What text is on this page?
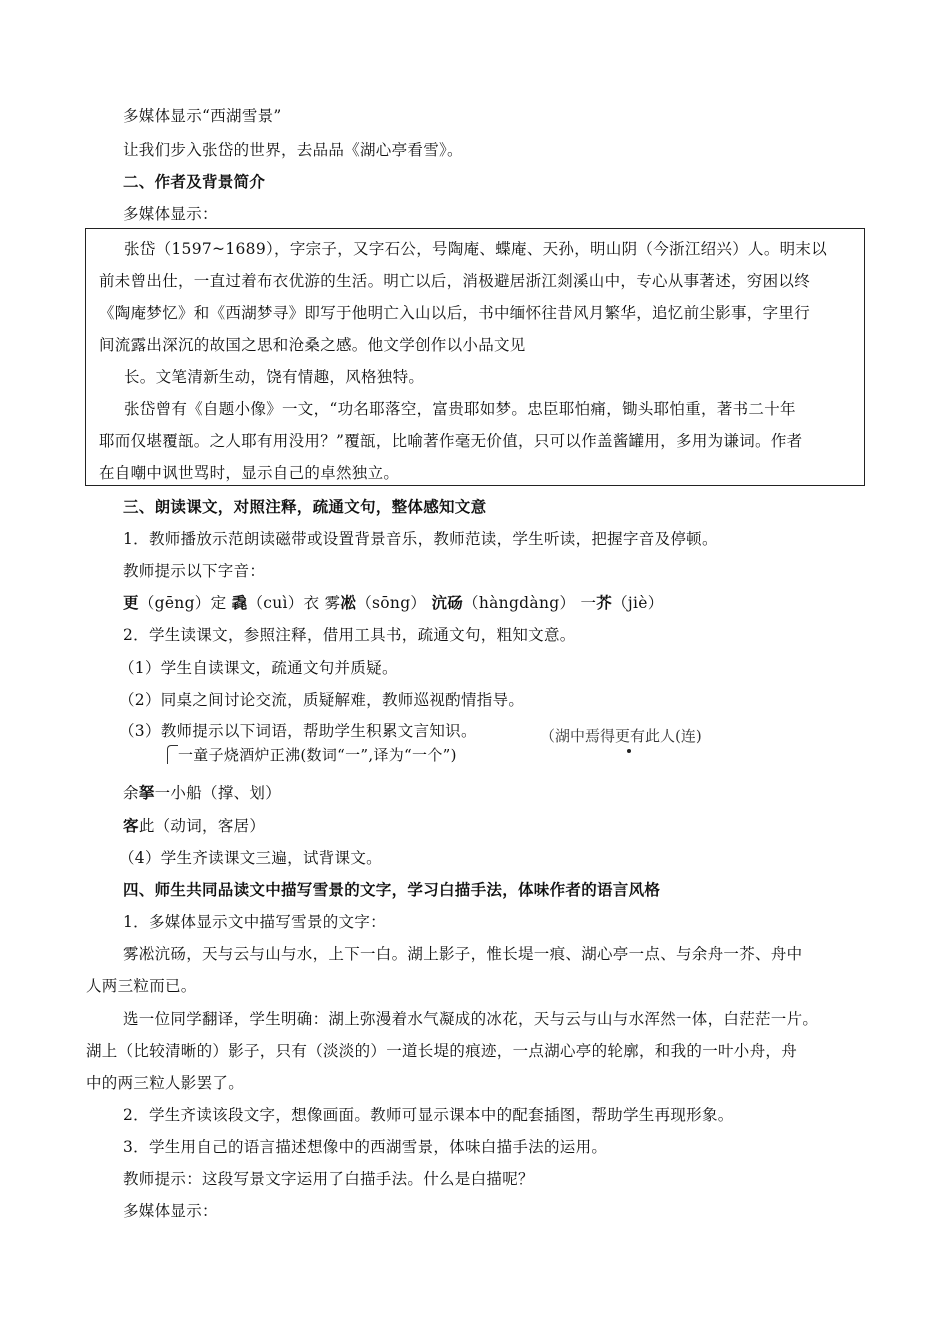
多媒体显示“西湖雪景”
让我们步入张岱的世界，去品品《湖心亭看雪》。
二、作者及背景简介
多媒体显示：
张岱（1597~1689），字宗子，又字石公，号陶庵、蝶庵、天孙，明山阴（今浙江绍兴）人。明末以
前未曾出仕，一直过着布衣优游的生活。明亡以后，消极避居浙江剡溪山中，专心从事著述，穷困以终
《陶庵梦忆》和《西湖梦寻》即写于他明亡入山以后，书中缅怀往昔风月繁华，追忆前尘影事，字里行
间流露出深沉的故国之思和沧桑之感。他文学创作以小品文见
长。文笔清新生动，饶有情趣，风格独特。
张岱曾有《自题小像》一文，“功名耶落空，富贵耶如梦。忠臣耶怕痛，锄头耶怕重，著书二十年
耶而仅堪覆瓿。之人耶有用没用？”覆瓿，比喻著作毫无价值，只可以作盖酱罐用，多用为谦词。作者
在自嘲中讽世骂时，显示自己的卓然独立。
三、朗读课文，对照注释，疏通文句，整体感知文意
1．教师播放示范朗读磁带或设置背景音乐，教师范读，学生听读，把握字音及停顿。
教师提示以下字音：
更（gēng）定 毳（cuì）衣 雾凇（sōng） 沆砀（hàngdàng） 一芥（jiè）
2．学生读课文，参照注释，借用工具书，疏通文句，粗知文意。
（1）学生自读课文，疏通文句并质疑。
（2）同桌之间讨论交流，质疑解难，教师巡视酌情指导。
（3）教师提示以下词语，帮助学生积累文言知识。
一童子烧酒炉正沸(数词“一”,译为“一个”)
（湖中焉得更有此人(连)
余拏一小船（撑、划）
客此（动词，客居）
（4）学生齐读课文三遍，试背课文。
四、师生共同品读文中描写雪景的文字，学习白描手法，体味作者的语言风格
1．多媒体显示文中描写雪景的文字：
雾凇沆砀，天与云与山与水，上下一白。湖上影子，惟长堤一痕、湖心亭一点、与余舟一芥、舟中
人两三粒而已。
选一位同学翻译，学生明确：湖上弥漫着水气凝成的冰花，天与云与山与水浑然一体，白茫茫一片。
湖上（比较清晰的）影子，只有（淡淡的）一道长堤的痕迹，一点湖心亭的轮廓，和我的一叶小舟，舟
中的两三粒人影罢了。
2．学生齐读该段文字，想像画面。教师可显示课本中的配套插图，帮助学生再现形象。
3．学生用自己的语言描述想像中的西湖雪景，体味白描手法的运用。
教师提示：这段写景文字运用了白描手法。什么是白描呢？
多媒体显示：
